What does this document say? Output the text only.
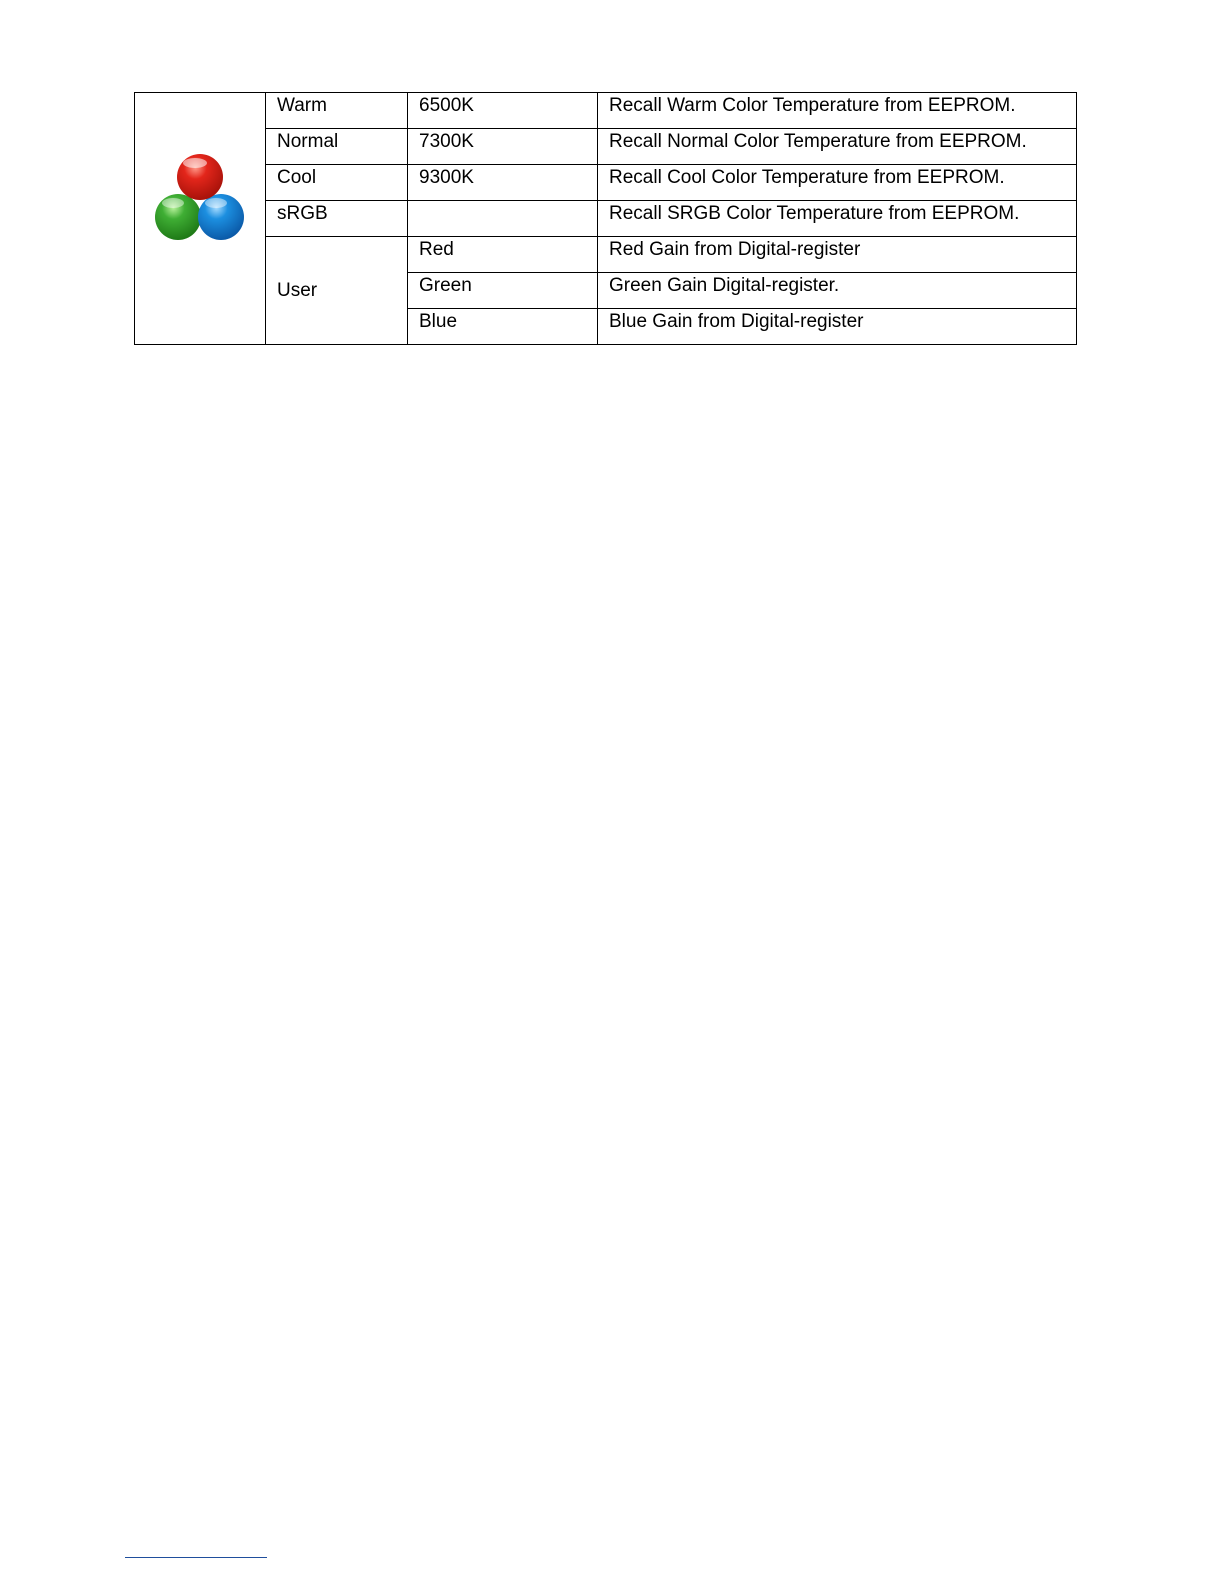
	Warm	6500K	Recall Warm Color Temperature from EEPROM.
	Normal	7300K	Recall Normal Color Temperature from EEPROM.
	Cool	9300K	Recall Cool Color Temperature from EEPROM.
	sRGB		Recall SRGB Color Temperature from EEPROM.
	User	Red	Red Gain from Digital-register
		Green	Green Gain Digital-register.
		Blue	Blue Gain from Digital-register
